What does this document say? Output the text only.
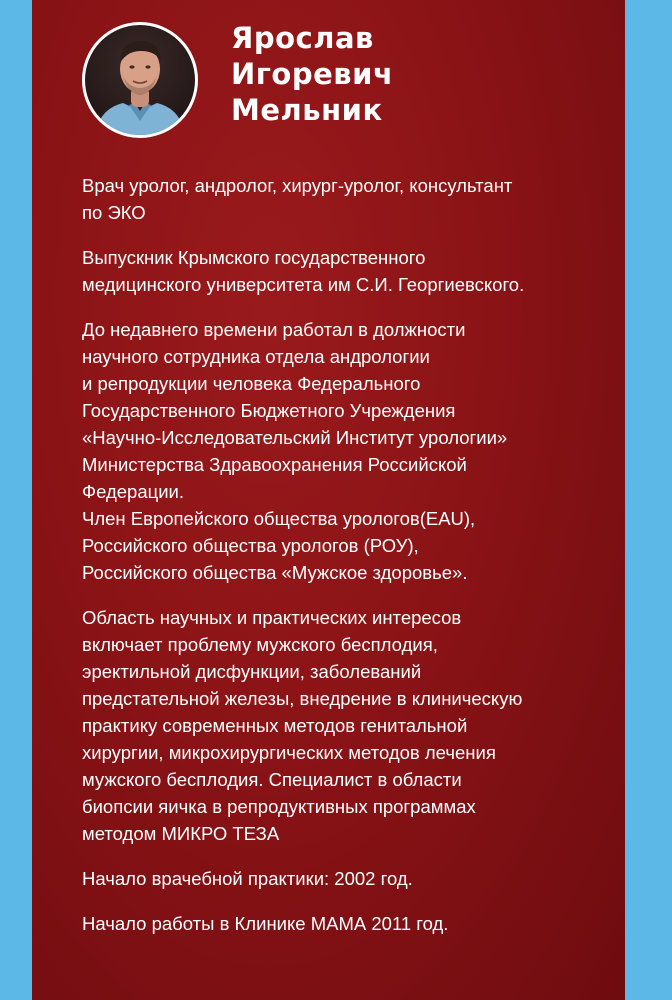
Ярослав
Игоревич
Мельник

Врач уролог, андролог, хирург-уролог, консультант
по ЭКО

Выпускник Крымского государственного
медицинского университета им С.И. Георгиевского.

До недавнего времени работал в должности
научного сотрудника отдела андрологии
и репродукции человека Федерального
Государственного Бюджетного Учреждения
«Научно-Исследовательский Институт урологии»
Министерства Здравоохранения Российской
Федерации.
Член Европейского общества урологов(EAU),
Российского общества урологов (РОУ),
Российского общества «Мужское здоровье».

Область научных и практических интересов
включает проблему мужского бесплодия,
эректильной дисфункции, заболеваний
предстательной железы, внедрение в клиническую
практику современных методов генитальной
хирургии, микрохирургических методов лечения
мужского бесплодия. Специалист в области
биопсии яичка в репродуктивных программах
методом МИКРО ТЕЗА

Начало врачебной практики: 2002 год.

Начало работы в Клинике МАМА 2011 год.
